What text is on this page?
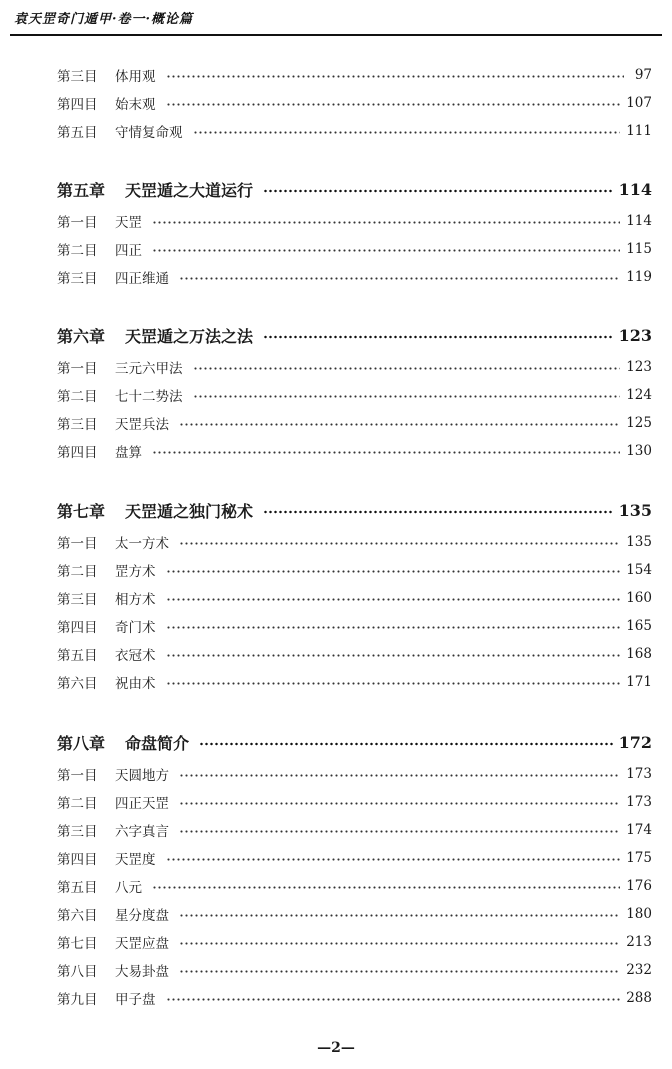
袁天罡奇门遁甲·卷一·概论篇
第三目	体用观	97
第四目	始末观	107
第五目	守情复命观	111
第五章	天罡遁之大道运行	114
第一目	天罡	114
第二目	四正	115
第三目	四正维通	119
第六章	天罡遁之万法之法	123
第一目	三元六甲法	123
第二目	七十二势法	124
第三目	天罡兵法	125
第四目	盘算	130
第七章	天罡遁之独门秘术	135
第一目	太一方术	135
第二目	罡方术	154
第三目	相方术	160
第四目	奇门术	165
第五目	衣冠术	168
第六目	祝由术	171
第八章	命盘简介	172
第一目	天圆地方	173
第二目	四正天罡	173
第三目	六字真言	174
第四目	天罡度	175
第五目	八元	176
第六目	星分度盘	180
第七目	天罡应盘	213
第八目	大易卦盘	232
第九目	甲子盘	288
—2—
